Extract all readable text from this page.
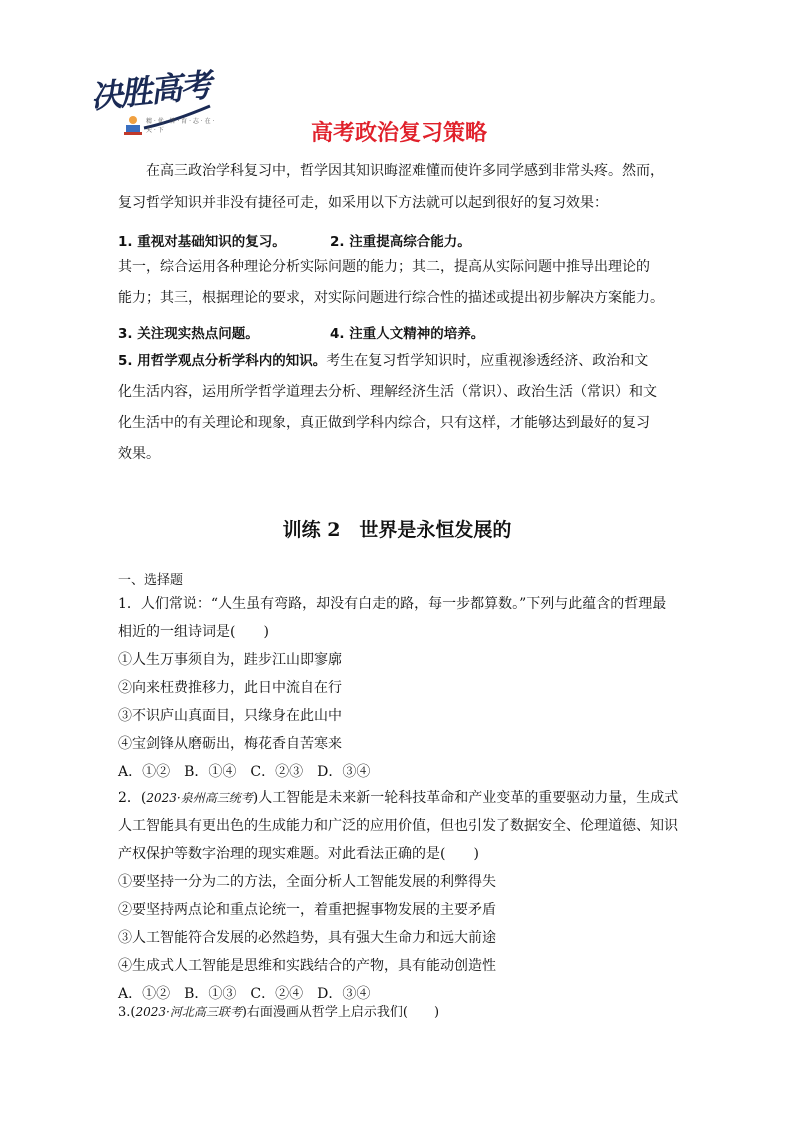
决胜高考
精 · 优 · 答 · 育 · 志 · 在 · 天 · 下	高考政治复习策略
在高三政治学科复习中，哲学因其知识晦涩难懂而使许多同学感到非常头疼。然而，
复习哲学知识并非没有捷径可走，如采用以下方法就可以起到很好的复习效果：
1. 重视对基础知识的复习。	2. 注重提高综合能力。
其一，综合运用各种理论分析实际问题的能力；其二，提高从实际问题中推导出理论的
能力；其三，根据理论的要求，对实际问题进行综合性的描述或提出初步解决方案能力。
3. 关注现实热点问题。	4. 注重人文精神的培养。
5. 用哲学观点分析学科内的知识。考生在复习哲学知识时，应重视渗透经济、政治和文
化生活内容，运用所学哲学道理去分析、理解经济生活（常识）、政治生活（常识）和文
化生活中的有关理论和现象，真正做到学科内综合，只有这样，才能够达到最好的复习
效果。
训练 2　世界是永恒发展的
一、选择题
1．人们常说：“人生虽有弯路，却没有白走的路，每一步都算数。”下列与此蕴含的哲理最
相近的一组诗词是(　　)
①人生万事须自为，跬步江山即寥廓
②向来枉费推移力，此日中流自在行
③不识庐山真面目，只缘身在此山中
④宝剑锋从磨砺出，梅花香自苦寒来
A．①②　B．①④　C．②③　D．③④
2．(2023·泉州高三统考)人工智能是未来新一轮科技革命和产业变革的重要驱动力量，生成式
人工智能具有更出色的生成能力和广泛的应用价值，但也引发了数据安全、伦理道德、知识
产权保护等数字治理的现实难题。对此看法正确的是(　　)
①要坚持一分为二的方法，全面分析人工智能发展的利弊得失
②要坚持两点论和重点论统一，着重把握事物发展的主要矛盾
③人工智能符合发展的必然趋势，具有强大生命力和远大前途
④生成式人工智能是思维和实践结合的产物，具有能动创造性
A．①②　B．①③　C．②④　D．③④
3.(2023·河北高三联考)右面漫画从哲学上启示我们(　　)
